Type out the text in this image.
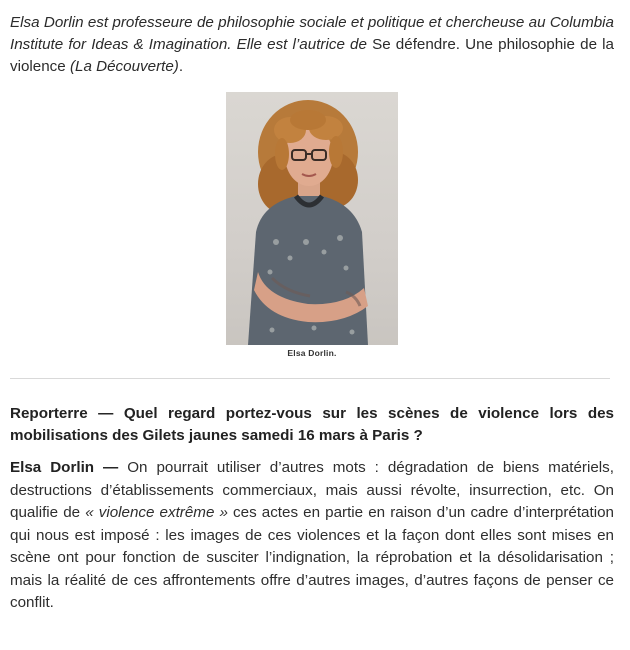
Elsa Dorlin est professeure de philosophie sociale et politique et chercheuse au Columbia Institute for Ideas & Imagination. Elle est l’autrice de Se défendre. Une philosophie de la violence (La Découverte).

Elsa Dorlin.

Reporterre — Quel regard portez-vous sur les scènes de violence lors des mobilisations des Gilets jaunes samedi 16 mars à Paris ?

Elsa Dorlin — On pourrait utiliser d’autres mots : dégradation de biens matériels, destructions d’établissements commerciaux, mais aussi révolte, insurrection, etc. On qualifie de « violence extrême » ces actes en partie en raison d’un cadre d’interprétation qui nous est imposé : les images de ces violences et la façon dont elles sont mises en scène ont pour fonction de susciter l’indignation, la réprobation et la désolidarisation ; mais la réalité de ces affrontements offre d’autres images, d’autres façons de penser ce conflit.
